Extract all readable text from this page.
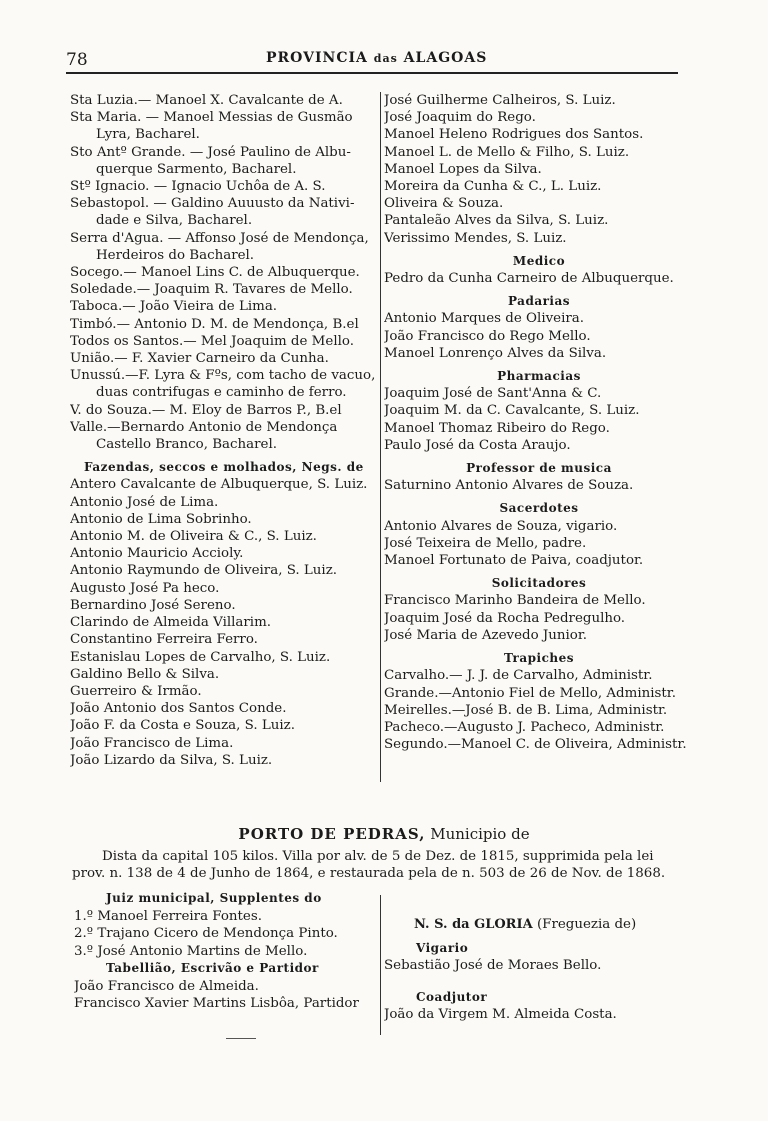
78	PROVINCIA das ALAGOAS
Sta Luzia.— Manoel X. Cavalcante de A.
Sta Maria. — Manoel Messias de Gusmão
Lyra, Bacharel.
Sto Antº Grande. — José Paulino de Albu-
querque Sarmento, Bacharel.
Stº Ignacio. — Ignacio Uchôa de A. S.
Sebastopol. — Galdino Auuusto da Nativi-
dade e Silva, Bacharel.
Serra d'Agua. — Affonso José de Mendonça,
Herdeiros do Bacharel.
Socego.— Manoel Lins C. de Albuquerque.
Soledade.— Joaquim R. Tavares de Mello.
Taboca.— João Vieira de Lima.
Timbó.— Antonio D. M. de Mendonça, B.el
Todos os Santos.— Mel Joaquim de Mello.
União.— F. Xavier Carneiro da Cunha.
Unussú.—F. Lyra & Fºs, com tacho de vacuo,
duas contrifugas e caminho de ferro.
V. do Souza.— M. Eloy de Barros P., B.el
Valle.—Bernardo Antonio de Mendonça
Castello Branco, Bacharel.
Fazendas, seccos e molhados, Negs. de
Antero Cavalcante de Albuquerque, S. Luiz.
Antonio José de Lima.
Antonio de Lima Sobrinho.
Antonio M. de Oliveira & C., S. Luiz.
Antonio Mauricio Accioly.
Antonio Raymundo de Oliveira, S. Luiz.
Augusto José Pa heco.
Bernardino José Sereno.
Clarindo de Almeida Villarim.
Constantino Ferreira Ferro.
Estanislau Lopes de Carvalho, S. Luiz.
Galdino Bello & Silva.
Guerreiro & Irmão.
João Antonio dos Santos Conde.
João F. da Costa e Souza, S. Luiz.
João Francisco de Lima.
João Lizardo da Silva, S. Luiz.
José Guilherme Calheiros, S. Luiz.
José Joaquim do Rego.
Manoel Heleno Rodrigues dos Santos.
Manoel L. de Mello & Filho, S. Luiz.
Manoel Lopes da Silva.
Moreira da Cunha & C., L. Luiz.
Oliveira & Souza.
Pantaleão Alves da Silva, S. Luiz.
Verissimo Mendes, S. Luiz.
Medico
Pedro da Cunha Carneiro de Albuquerque.
Padarias
Antonio Marques de Oliveira.
João Francisco do Rego Mello.
Manoel Lonrenço Alves da Silva.
Pharmacias
Joaquim José de Sant'Anna & C.
Joaquim M. da C. Cavalcante, S. Luiz.
Manoel Thomaz Ribeiro do Rego.
Paulo José da Costa Araujo.
Professor de musica
Saturnino Antonio Alvares de Souza.
Sacerdotes
Antonio Alvares de Souza, vigario.
José Teixeira de Mello, padre.
Manoel Fortunato de Paiva, coadjutor.
Solicitadores
Francisco Marinho Bandeira de Mello.
Joaquim José da Rocha Pedregulho.
José Maria de Azevedo Junior.
Trapiches
Carvalho.— J. J. de Carvalho, Administr.
Grande.—Antonio Fiel de Mello, Administr.
Meirelles.—José B. de B. Lima, Administr.
Pacheco.—Augusto J. Pacheco, Administr.
Segundo.—Manoel C. de Oliveira, Administr.
PORTO DE PEDRAS, Municipio de
Dista da capital 105 kilos. Villa por alv. de 5 de Dez. de 1815, supprimida pela lei
prov. n. 138 de 4 de Junho de 1864, e restaurada pela de n. 503 de 26 de Nov. de 1868.
Juiz municipal, Supplentes do
1.º Manoel Ferreira Fontes.
2.º Trajano Cicero de Mendonça Pinto.
3.º José Antonio Martins de Mello.
Tabellião, Escrivão e Partidor
João Francisco de Almeida.
Francisco Xavier Martins Lisbôa, Partidor
N. S. da GLORIA (Freguezia de)
Vigario
Sebastião José de Moraes Bello.
Coadjutor
João da Virgem M. Almeida Costa.
